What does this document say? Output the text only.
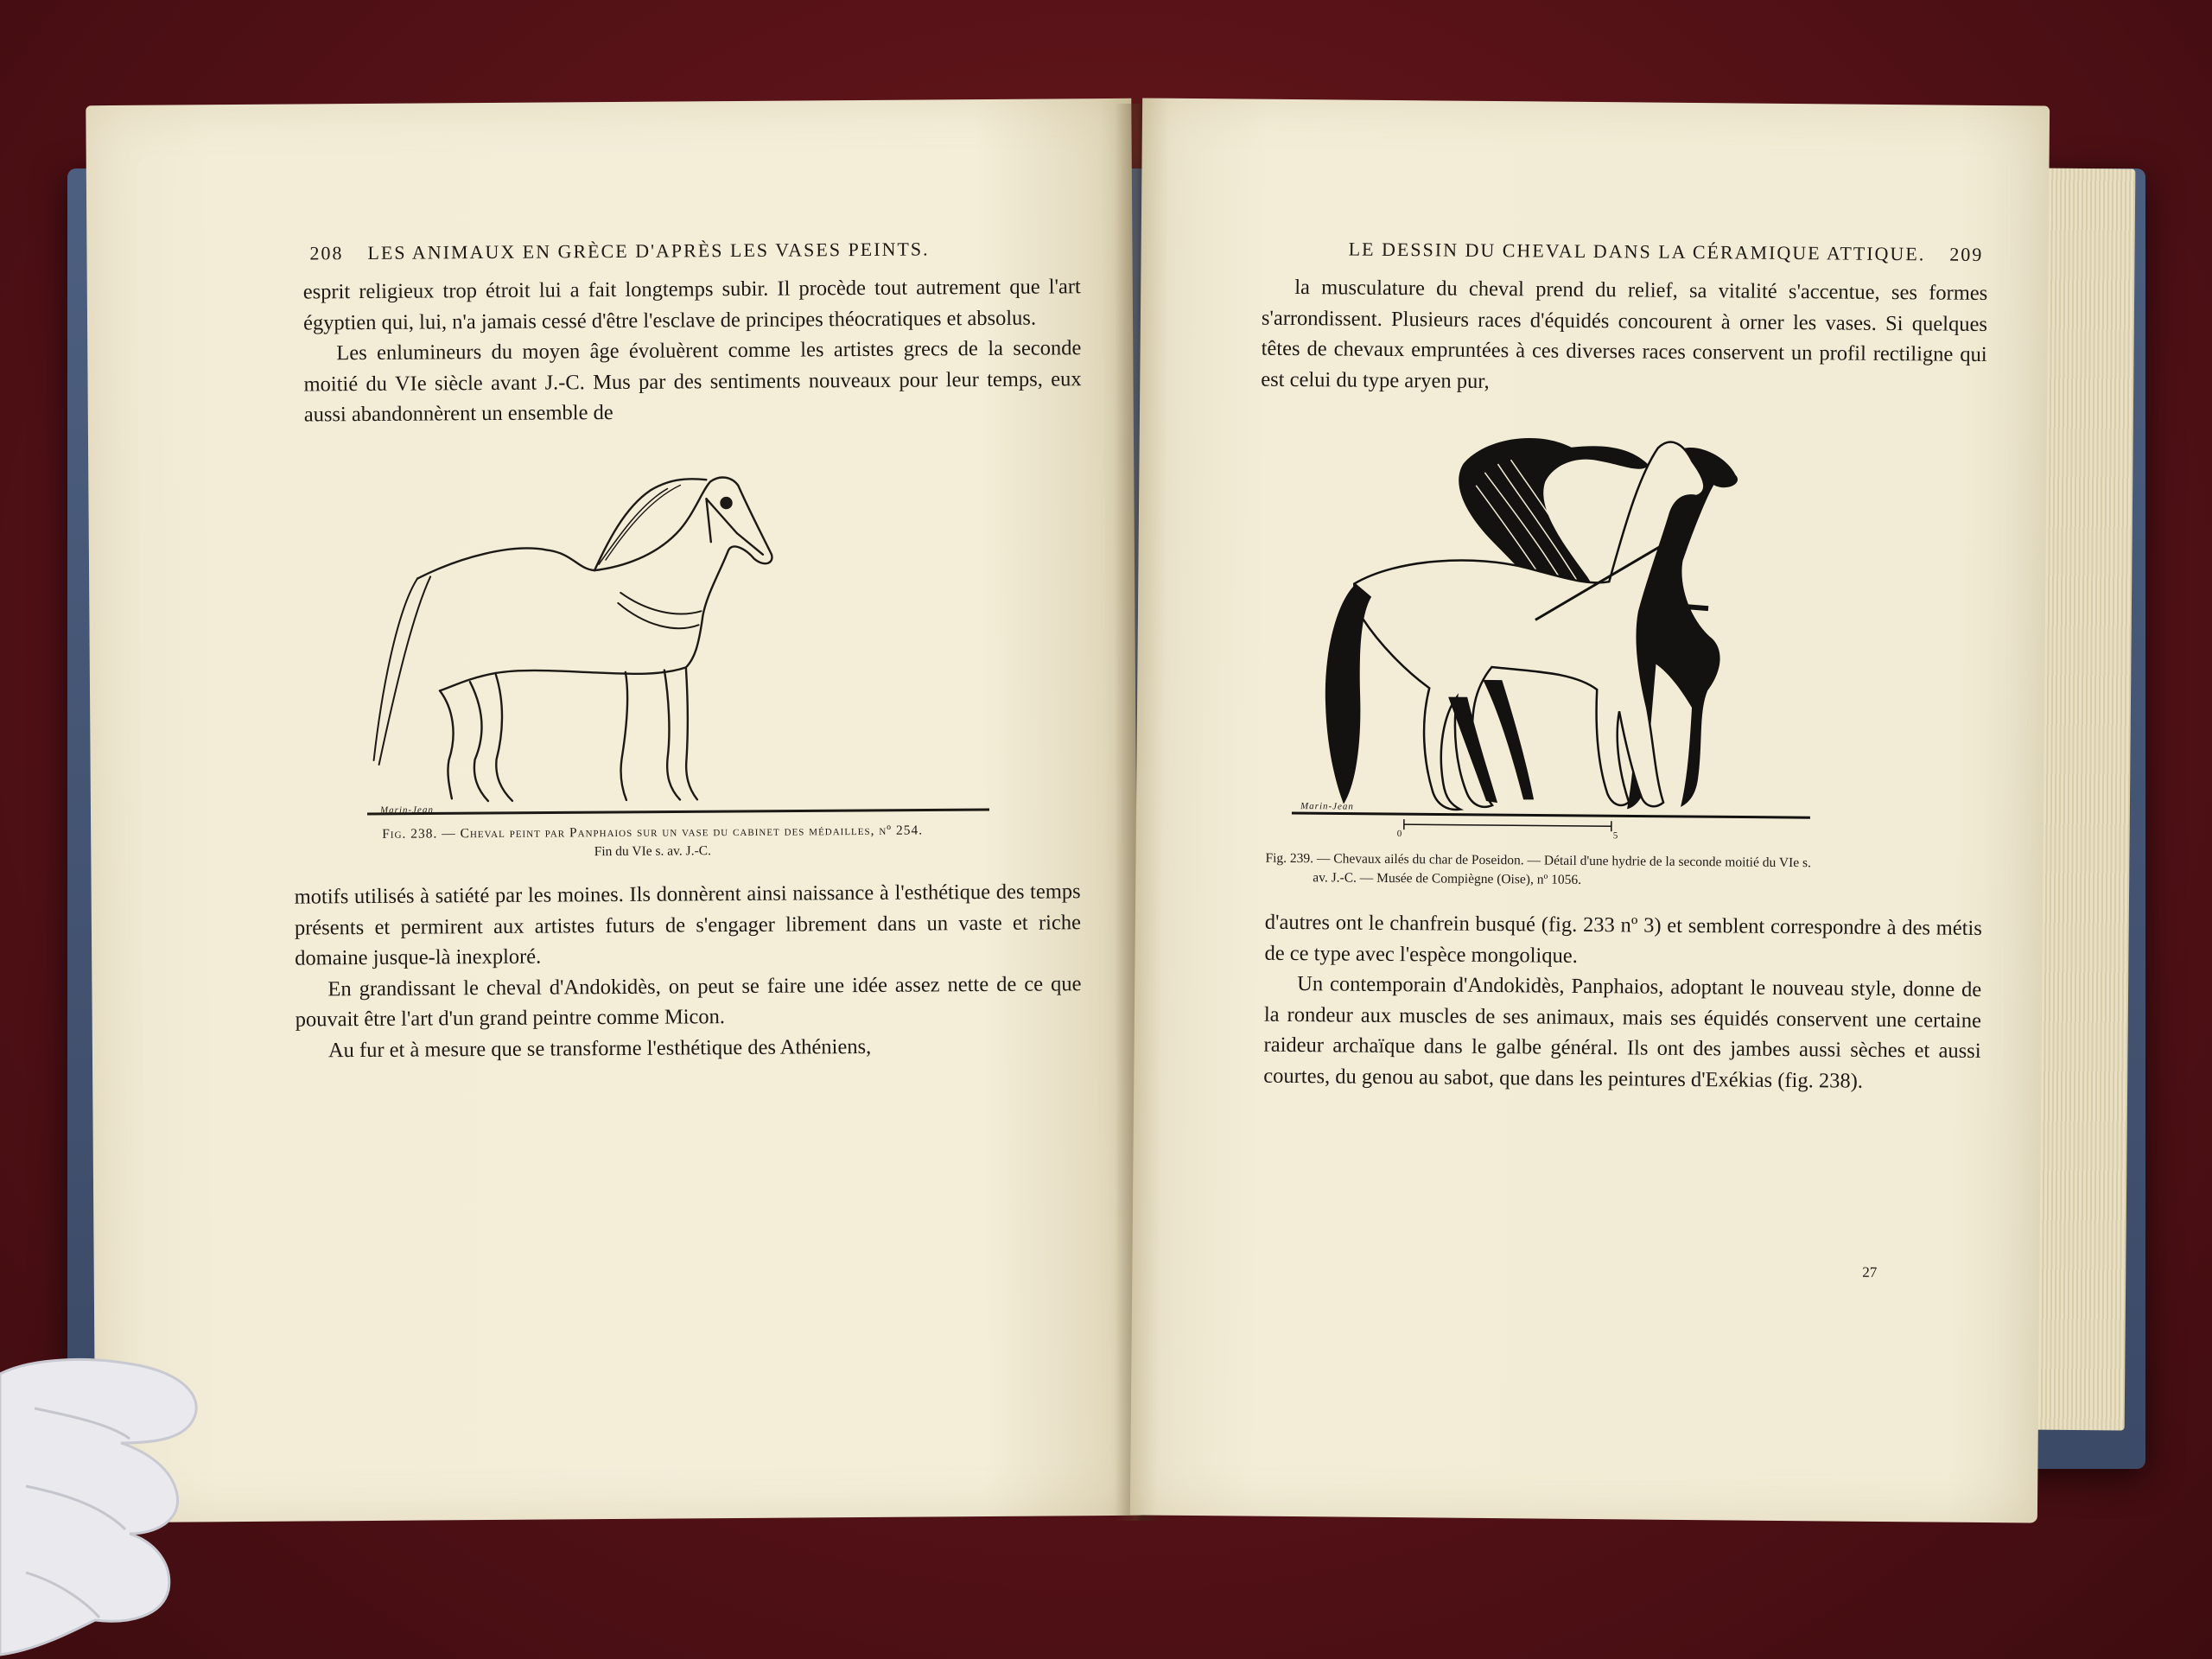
208 LES ANIMAUX EN GRÈCE D'APRÈS LES VASES PEINTS.

esprit religieux trop étroit lui a fait longtemps subir. Il procède tout autrement que l'art égyptien qui, lui, n'a jamais cessé d'être l'esclave de principes théocratiques et absolus.

Les enlumineurs du moyen âge évoluèrent comme les artistes grecs de la seconde moitié du VIe siècle avant J.-C. Mus par des sentiments nouveaux pour leur temps, eux aussi abandonnèrent un ensemble de

Marin-Jean
Fig. 238. — Cheval peint par Panphaios sur un vase du cabinet des médailles, nº 254.
Fin du VIe s. av. J.-C.

motifs utilisés à satiété par les moines. Ils donnèrent ainsi naissance à l'esthétique des temps présents et permirent aux artistes futurs de s'engager librement dans un vaste et riche domaine jusque-là inexploré.

En grandissant le cheval d'Andokidès, on peut se faire une idée assez nette de ce que pouvait être l'art d'un grand peintre comme Micon.

Au fur et à mesure que se transforme l'esthétique des Athéniens,

LE DESSIN DU CHEVAL DANS LA CÉRAMIQUE ATTIQUE. 209

la musculature du cheval prend du relief, sa vitalité s'accentue, ses formes s'arrondissent. Plusieurs races d'équidés concourent à orner les vases. Si quelques têtes de chevaux empruntées à ces diverses races conservent un profil rectiligne qui est celui du type aryen pur,

Marin-Jean
0	5
Fig. 239. — Chevaux ailés du char de Poseidon. — Détail d'une hydrie de la seconde moitié du VIe s.
av. J.-C. — Musée de Compiègne (Oise), nº 1056.

d'autres ont le chanfrein busqué (fig. 233 nº 3) et semblent correspondre à des métis de ce type avec l'espèce mongolique.

Un contemporain d'Andokidès, Panphaios, adoptant le nouveau style, donne de la rondeur aux muscles de ses animaux, mais ses équidés conservent une certaine raideur archaïque dans le galbe général. Ils ont des jambes aussi sèches et aussi courtes, du genou au sabot, que dans les peintures d'Exékias (fig. 238).

27
